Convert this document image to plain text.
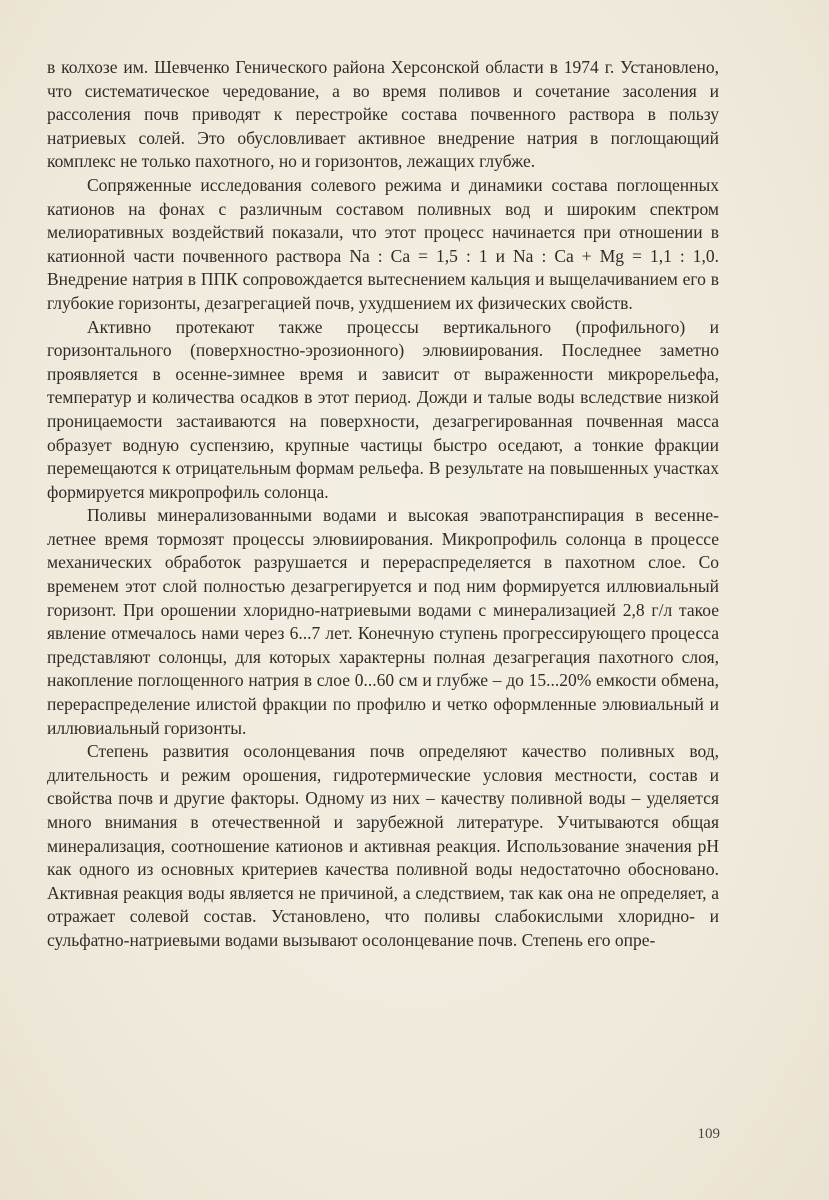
в колхозе им. Шевченко Генического района Херсонской области в 1974 г. Установлено, что систематическое чередование, а во время поливов и сочетание засоления и рассоления почв приводят к перестройке состава почвенного раствора в пользу натриевых солей. Это обусловливает активное внедрение натрия в поглощающий комплекс не только пахотного, но и горизонтов, лежащих глубже.

Сопряженные исследования солевого режима и динамики состава поглощенных катионов на фонах с различным составом поливных вод и широким спектром мелиоративных воздействий показали, что этот процесс начинается при отношении в катионной части почвенного раствора Na : Ca = 1,5 : 1 и Na : Ca + Mg = 1,1 : 1,0. Внедрение натрия в ППК сопровождается вытеснением кальция и выщелачиванием его в глубокие горизонты, дезагрегацией почв, ухудшением их физических свойств.

Активно протекают также процессы вертикального (профильного) и горизонтального (поверхностно-эрозионного) элювиирования. Последнее заметно проявляется в осенне-зимнее время и зависит от выраженности микрорельефа, температур и количества осадков в этот период. Дожди и талые воды вследствие низкой проницаемости застаиваются на поверхности, дезагрегированная почвенная масса образует водную суспензию, крупные частицы быстро оседают, а тонкие фракции перемещаются к отрицательным формам рельефа. В результате на повышенных участках формируется микропрофиль солонца.

Поливы минерализованными водами и высокая эвапотранспирация в весенне-летнее время тормозят процессы элювиирования. Микропрофиль солонца в процессе механических обработок разрушается и перераспределяется в пахотном слое. Со временем этот слой полностью дезагрегируется и под ним формируется иллювиальный горизонт. При орошении хлоридно-натриевыми водами с минерализацией 2,8 г/л такое явление отмечалось нами через 6...7 лет. Конечную ступень прогрессирующего процесса представляют солонцы, для которых характерны полная дезагрегация пахотного слоя, накопление поглощенного натрия в слое 0...60 см и глубже – до 15...20% емкости обмена, перераспределение илистой фракции по профилю и четко оформленные элювиальный и иллювиальный горизонты.

Степень развития осолонцевания почв определяют качество поливных вод, длительность и режим орошения, гидротермические условия местности, состав и свойства почв и другие факторы. Одному из них – качеству поливной воды – уделяется много внимания в отечественной и зарубежной литературе. Учитываются общая минерализация, соотношение катионов и активная реакция. Использование значения pH как одного из основных критериев качества поливной воды недостаточно обосновано. Активная реакция воды является не причиной, а следствием, так как она не определяет, а отражает солевой состав. Установлено, что поливы слабокислыми хлоридно- и сульфатно-натриевыми водами вызывают осолонцевание почв. Степень его опре-

109
